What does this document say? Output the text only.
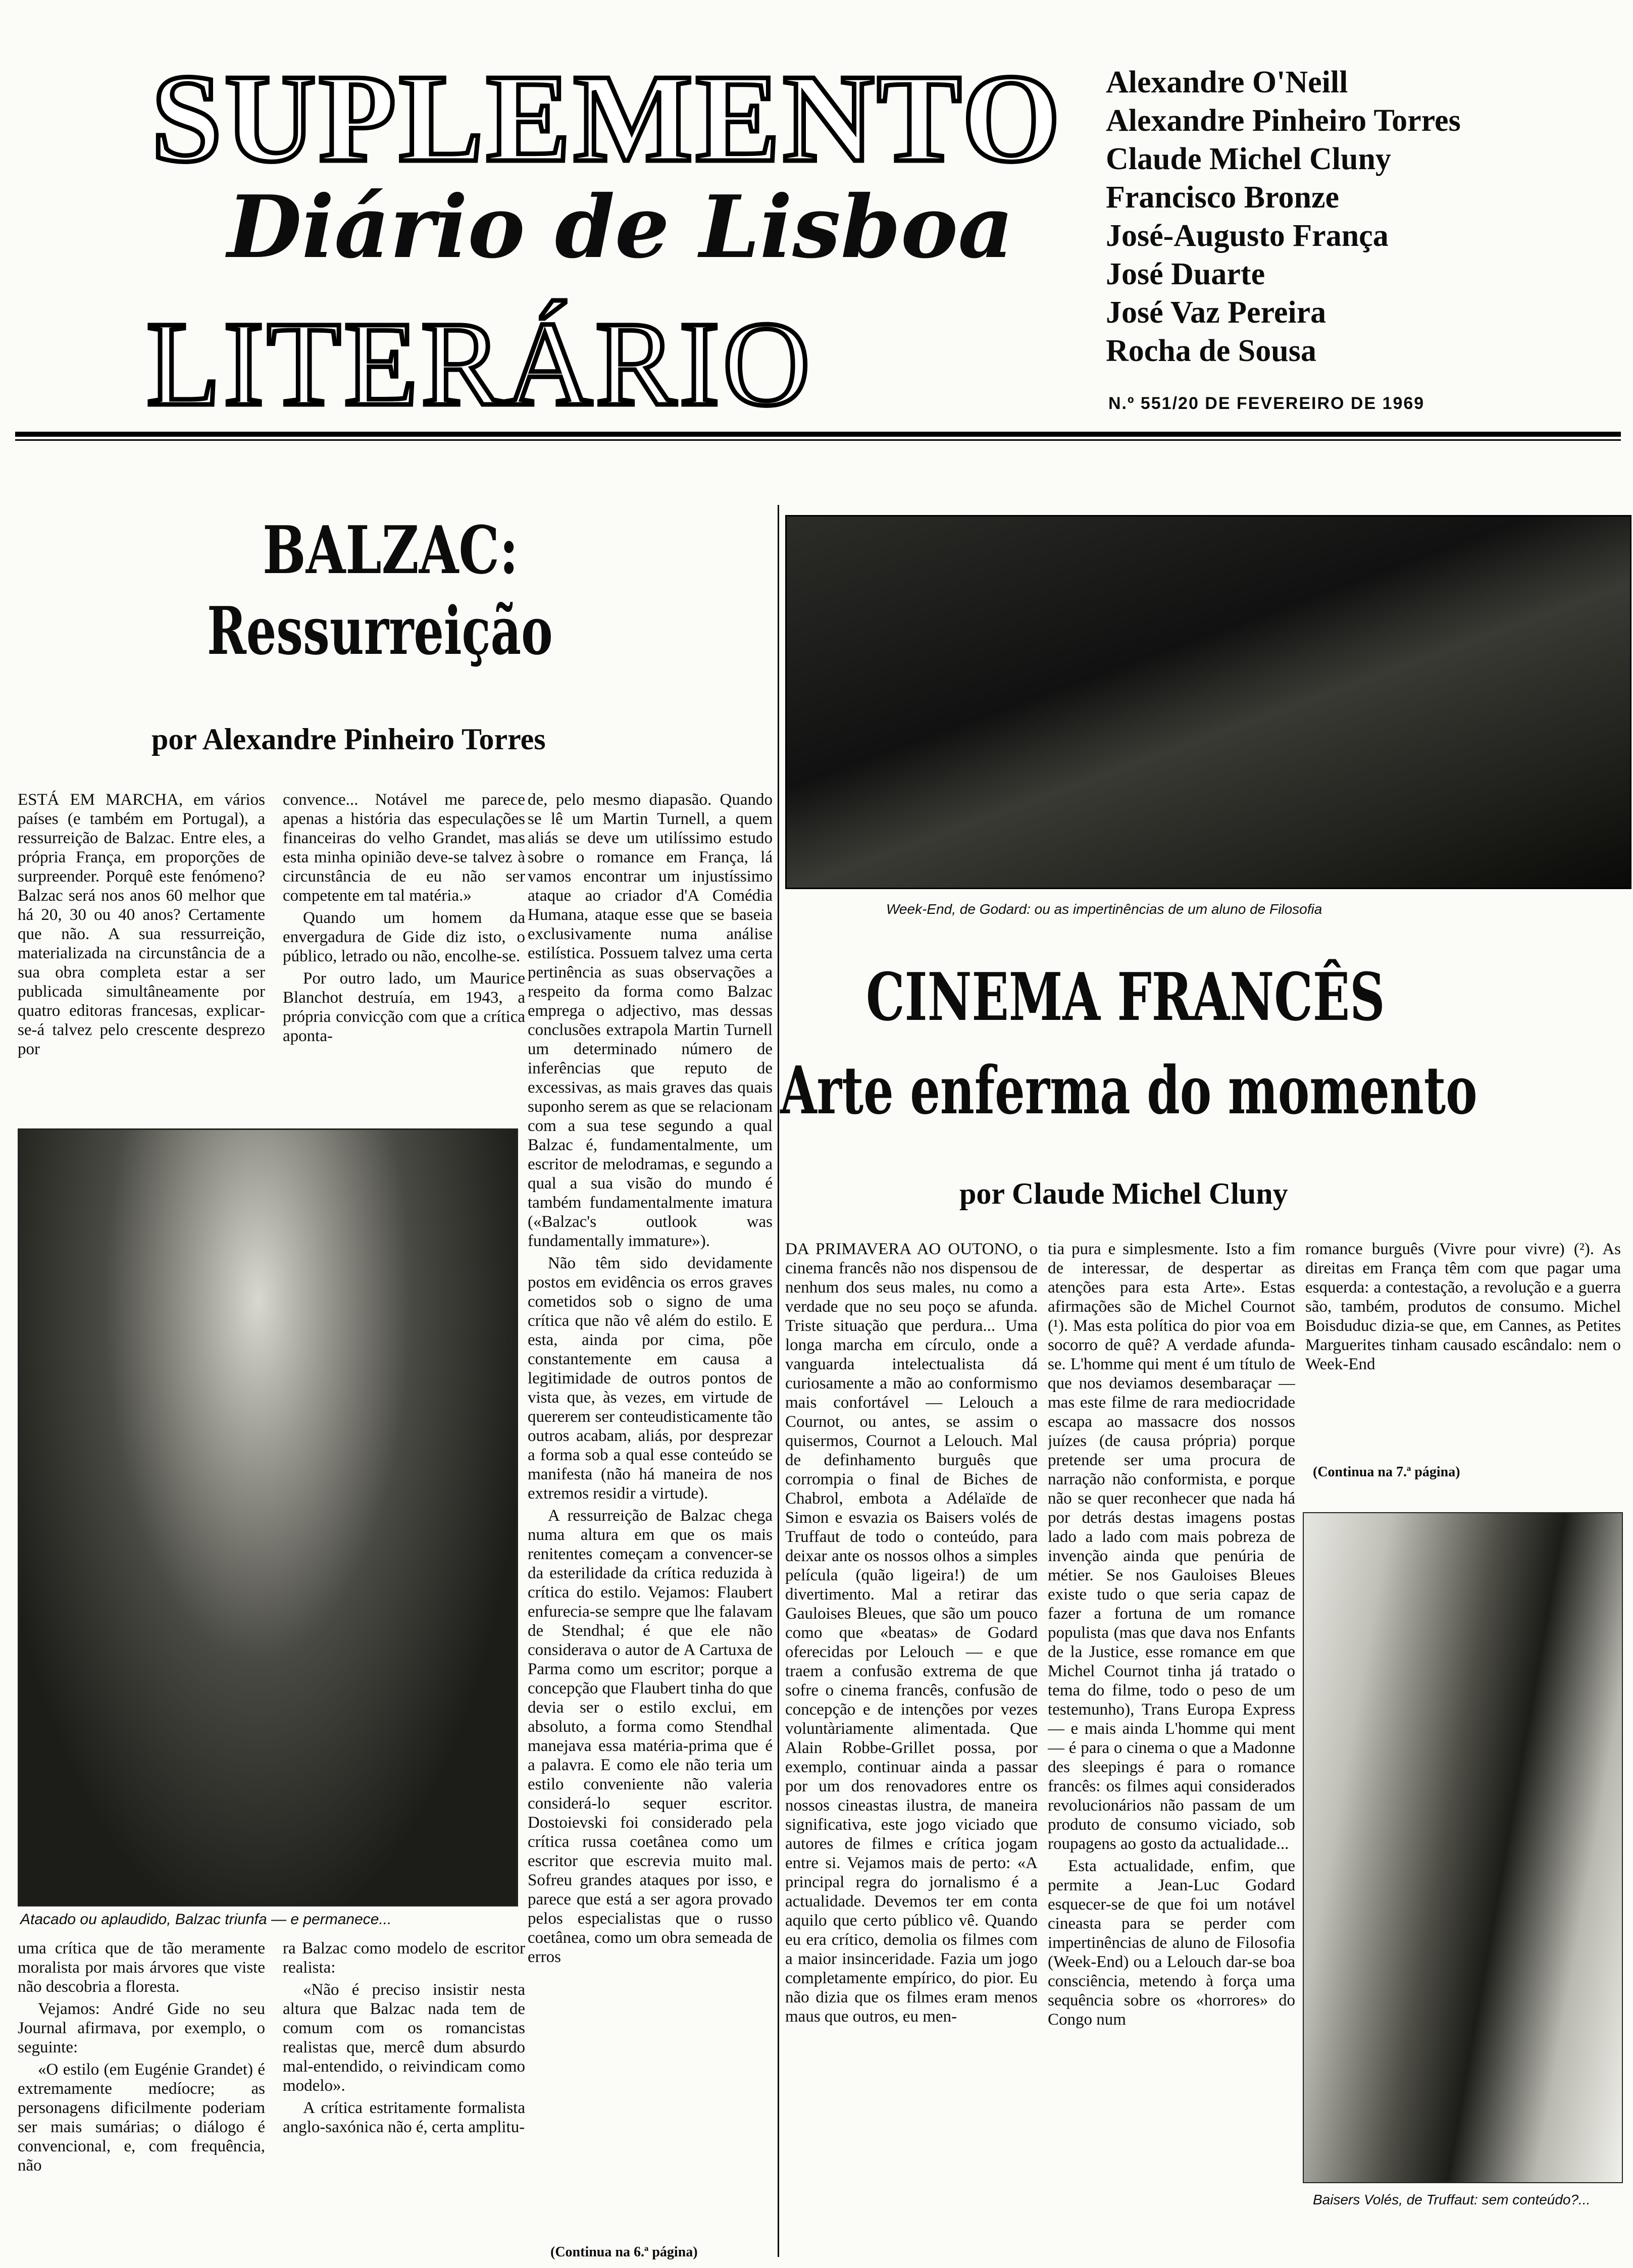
SUPLEMENTO
Diário de Lisboa
LITERÁRIO
Alexandre O'Neill
Alexandre Pinheiro Torres
Claude Michel Cluny
Francisco Bronze
José-Augusto França
José Duarte
José Vaz Pereira
Rocha de Sousa
N.º 551/20 DE FEVEREIRO DE 1969
BALZAC:
Ressurreição
por Alexandre Pinheiro Torres

ESTÁ EM MARCHA, em vários países (e também em Portugal), a ressurreição de Balzac. Entre eles, a própria França, em proporções de surpreender. Porquê este fenómeno? Balzac será nos anos 60 melhor que há 20, 30 ou 40 anos? Certamente que não. A sua ressurreição, materializada na circunstância de a sua obra completa estar a ser publicada simultâneamente por quatro editoras francesas, explicar-se-á talvez pelo crescente desprezo por

convence... Notável me parece apenas a história das especulações financeiras do velho Grandet, mas esta minha opinião deve-se talvez à circunstância de eu não ser competente em tal matéria.»

Quando um homem da envergadura de Gide diz isto, o público, letrado ou não, encolhe-se.

Por outro lado, um Maurice Blanchot destruía, em 1943, a própria convicção com que a crítica aponta-

de, pelo mesmo diapasão. Quando se lê um Martin Turnell, a quem aliás se deve um utilíssimo estudo sobre o romance em França, lá vamos encontrar um injustíssimo ataque ao criador d'A Comédia Humana, ataque esse que se baseia exclusivamente numa análise estilística. Possuem talvez uma certa pertinência as suas observações a respeito da forma como Balzac emprega o adjectivo, mas dessas conclusões extrapola Martin Turnell um determinado número de inferências que reputo de excessivas, as mais graves das quais suponho serem as que se relacionam com a sua tese segundo a qual Balzac é, fundamentalmente, um escritor de melodramas, e segundo a qual a sua visão do mundo é também fundamentalmente imatura («Balzac's outlook was fundamentally immature»).

Não têm sido devidamente postos em evidência os erros graves cometidos sob o signo de uma crítica que não vê além do estilo. E esta, ainda por cima, põe constantemente em causa a legitimidade de outros pontos de vista que, às vezes, em virtude de quererem ser conteudisticamente tão outros acabam, aliás, por desprezar a forma sob a qual esse conteúdo se manifesta (não há maneira de nos extremos residir a virtude).

A ressurreição de Balzac chega numa altura em que os mais renitentes começam a convencer-se da esterilidade da crítica reduzida à crítica do estilo. Vejamos: Flaubert enfurecia-se sempre que lhe falavam de Stendhal; é que ele não considerava o autor de A Cartuxa de Parma como um escritor; porque a concepção que Flaubert tinha do que devia ser o estilo exclui, em absoluto, a forma como Stendhal manejava essa matéria-prima que é a palavra. E como ele não teria um estilo conveniente não valeria considerá-lo sequer escritor. Dostoievski foi considerado pela crítica russa coetânea como um escritor que escrevia muito mal. Sofreu grandes ataques por isso, e parece que está a ser agora provado pelos especialistas que o russo coetânea, como um obra semeada de erros

Atacado ou aplaudido, Balzac triunfa — e permanece...

uma crítica que de tão meramente moralista por mais árvores que viste não descobria a floresta.

Vejamos: André Gide no seu Journal afirmava, por exemplo, o seguinte:

«O estilo (em Eugénie Grandet) é extremamente medíocre; as personagens dificilmente poderiam ser mais sumárias; o diálogo é convencional, e, com frequência, não

ra Balzac como modelo de escritor realista:

«Não é preciso insistir nesta altura que Balzac nada tem de comum com os romancistas realistas que, mercê dum absurdo mal-entendido, o reivindicam como modelo».

A crítica estritamente formalista anglo-saxónica não é, certa amplitu-

(Continua na 6.ª página)
Week-End, de Godard: ou as impertinências de um aluno de Filosofia
CINEMA FRANCÊS
Arte enferma do momento
por Claude Michel Cluny

DA PRIMAVERA AO OUTONO, o cinema francês não nos dispensou de nenhum dos seus males, nu como a verdade que no seu poço se afunda. Triste situação que perdura... Uma longa marcha em círculo, onde a vanguarda intelectualista dá curiosamente a mão ao conformismo mais confortável — Lelouch a Cournot, ou antes, se assim o quisermos, Cournot a Lelouch. Mal de definhamento burguês que corrompia o final de Biches de Chabrol, embota a Adélaïde de Simon e esvazia os Baisers volés de Truffaut de todo o conteúdo, para deixar ante os nossos olhos a simples película (quão ligeira!) de um divertimento. Mal a retirar das Gauloises Bleues, que são um pouco como que «beatas» de Godard oferecidas por Lelouch — e que traem a confusão extrema de que sofre o cinema francês, confusão de concepção e de intenções por vezes voluntàriamente alimentada. Que Alain Robbe-Grillet possa, por exemplo, continuar ainda a passar por um dos renovadores entre os nossos cineastas ilustra, de maneira significativa, este jogo viciado que autores de filmes e crítica jogam entre si. Vejamos mais de perto: «A principal regra do jornalismo é a actualidade. Devemos ter em conta aquilo que certo público vê. Quando eu era crítico, demolia os filmes com a maior insinceridade. Fazia um jogo completamente empírico, do pior. Eu não dizia que os filmes eram menos maus que outros, eu men-

tia pura e simplesmente. Isto a fim de interessar, de despertar as atenções para esta Arte». Estas afirmações são de Michel Cournot (¹). Mas esta política do pior voa em socorro de quê? A verdade afunda-se. L'homme qui ment é um título de que nos deviamos desembaraçar — mas este filme de rara mediocridade escapa ao massacre dos nossos juízes (de causa própria) porque pretende ser uma procura de narração não conformista, e porque não se quer reconhecer que nada há por detrás destas imagens postas lado a lado com mais pobreza de invenção ainda que penúria de métier. Se nos Gauloises Bleues existe tudo o que seria capaz de fazer a fortuna de um romance populista (mas que dava nos Enfants de la Justice, esse romance em que Michel Cournot tinha já tratado o tema do filme, todo o peso de um testemunho), Trans Europa Express — e mais ainda L'homme qui ment — é para o cinema o que a Madonne des sleepings é para o romance francês: os filmes aqui considerados revolucionários não passam de um produto de consumo viciado, sob roupagens ao gosto da actualidade...

Esta actualidade, enfim, que permite a Jean-Luc Godard esquecer-se de que foi um notável cineasta para se perder com impertinências de aluno de Filosofia (Week-End) ou a Lelouch dar-se boa consciência, metendo à força uma sequência sobre os «horrores» do Congo num

romance burguês (Vivre pour vivre) (²). As direitas em França têm com que pagar uma esquerda: a contestação, a revolução e a guerra são, também, produtos de consumo. Michel Boisduduc dizia-se que, em Cannes, as Petites Marguerites tinham causado escândalo: nem o Week-End

(Continua na 7.ª página)
Baisers Volés, de Truffaut: sem conteúdo?...
